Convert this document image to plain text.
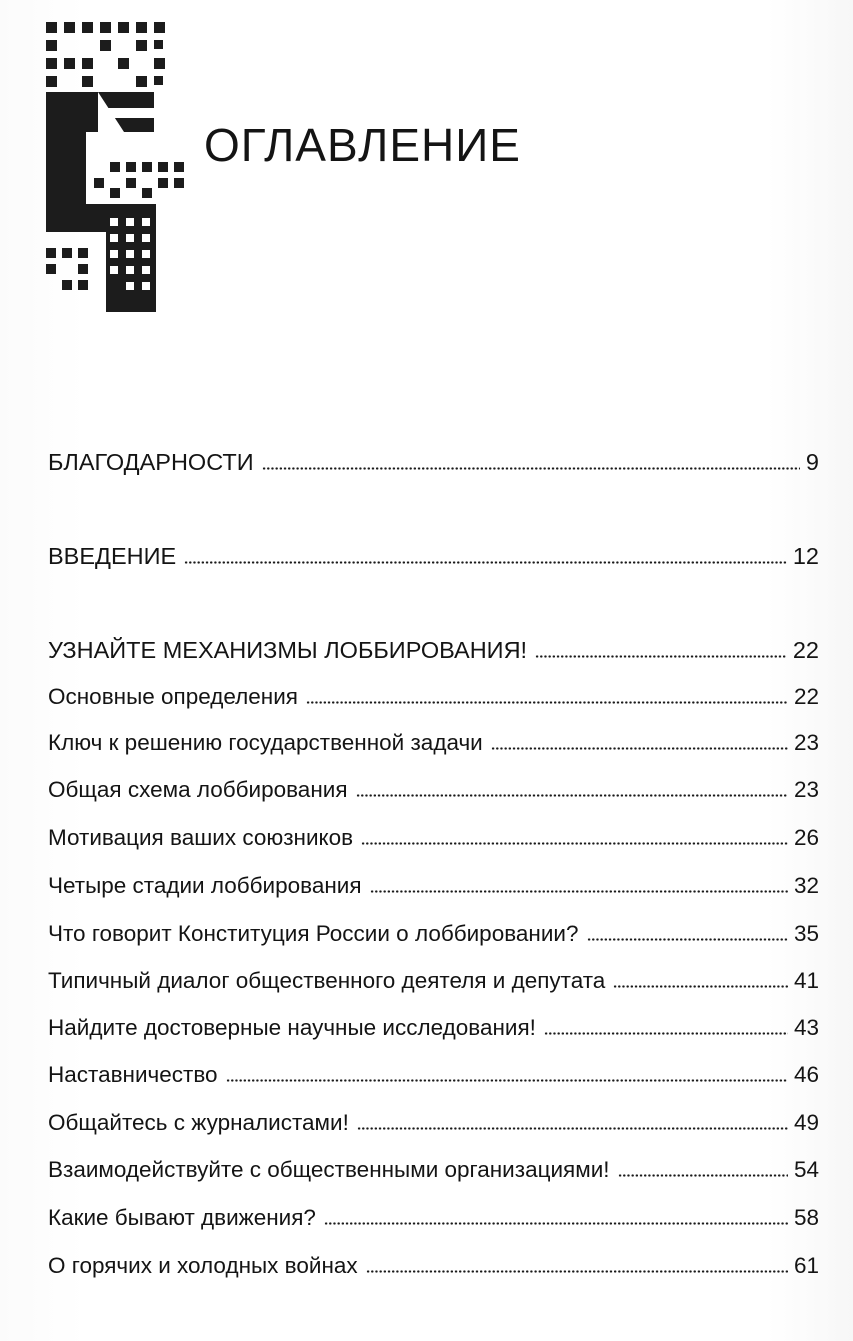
ОГЛАВЛЕНИЕ
БЛАГОДАРНОСТИ	9
ВВЕДЕНИЕ	12
УЗНАЙТЕ МЕХАНИЗМЫ ЛОББИРОВАНИЯ!	22
Основные определения	22
Ключ к решению государственной задачи	23
Общая схема лоббирования	23
Мотивация ваших союзников	26
Четыре стадии лоббирования	32
Что говорит Конституция России о лоббировании?	35
Типичный диалог общественного деятеля и депутата	41
Найдите достоверные научные исследования!	43
Наставничество	46
Общайтесь с журналистами!	49
Взаимодействуйте с общественными организациями!	54
Какие бывают движения?	58
О горячих и холодных войнах	61
